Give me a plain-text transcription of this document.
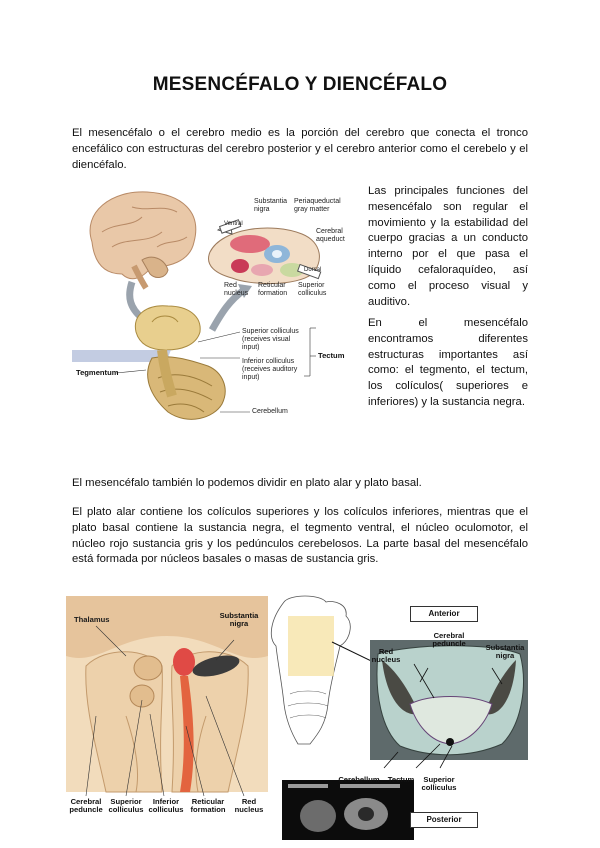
MESENCÉFALO Y DIENCÉFALO
El mesencéfalo o el cerebro medio es la porción del cerebro que conecta el tronco encefálico con estructuras del cerebro posterior y el cerebro anterior como el cerebelo y el diencéfalo.
Las principales funciones del mesencéfalo son regular el movimiento y la estabilidad del cuerpo gracias a un conducto interno por el que pasa el líquido cefaloraquídeo, así como el proceso visual y auditivo.
En el mesencéfalo encontramos diferentes estructuras importantes así como: el tegmento, el tectum, los colículos( superiores e inferiores) y la sustancia negra.
Substantia nigra
Periaqueductal gray matter
Ventral
Cerebral aqueduct
Dorsal
Red nucleus
Reticular formation
Superior colliculus
Superior colliculus (receives visual input)
Inferior colliculus (receives auditory input)
Tectum
Tegmentum
Cerebellum
El mesencéfalo también lo podemos dividir en plato alar y plato basal.
El plato alar contiene los colículos superiores y los colículos inferiores, mientras que el plato basal contiene la sustancia negra, el tegmento ventral, el núcleo oculomotor, el núcleo rojo sustancia gris y los pedúnculos cerebelosos. La parte basal del mesencéfalo está formada por núcleos basales o masas de sustancia gris.
Thalamus	Substantia nigra
Cerebral peduncle
Superior colliculus
Inferior colliculus
Reticular formation
Red nucleus
Anterior
Cerebral peduncle	Substantia nigra
Red nucleus
Cerebellum	Tectum	Superior colliculus
Posterior
